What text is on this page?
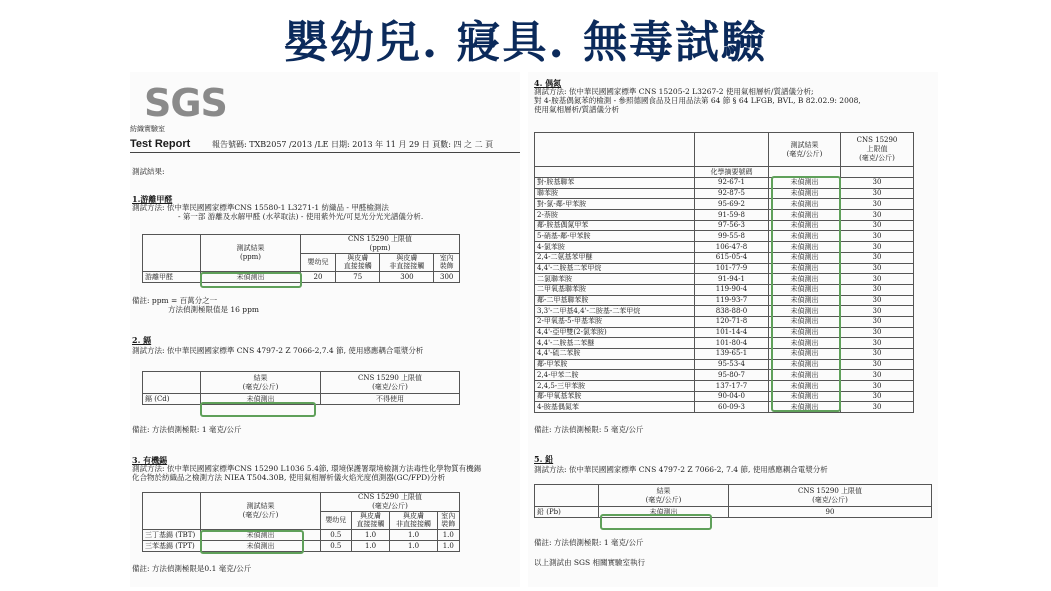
嬰幼兒. 寢具. 無毒試驗
SGS
紡織實驗室
Test Report	報告號碼: TXB2057 /2013 /LE 日期: 2013 年 11 月 29 日 頁數: 四 之 二 頁
測試結果:
1.游離甲醛
測試方法: 依中華民國國家標準CNS 15580-1 L3271-1 紡織品 - 甲醛檢測法
- 第一部 游離及水解甲醛 (水萃取法) - 使用紫外光/可見光分光光譜儀分析.
	測試結果
(ppm)	CNS 15290 上限值
(ppm)			
		嬰幼兒	與皮膚
直接接觸	與皮膚
非直接接觸	室內
裝飾
游離甲醛	未偵測出	20	75	300	300
備註: ppm = 百萬分之一
方法偵測極限值是 16 ppm
2. 鎘
測試方法: 依中華民國國家標準 CNS 4797-2 Z 7066-2,7.4 節, 使用感應耦合電漿分析
	結果
(毫克/公斤)	CNS 15290 上限值
(毫克/公斤)
鎘 (Cd)	未偵測出	不得使用
備註: 方法偵測極限: 1 毫克/公斤
3. 有機錫
測試方法: 依中華民國國家標準CNS 15290 L1036 5.4節, 環境保護署環境檢測方法毒性化學物質有機錫
化合物於紡織品之檢測方法 NIEA T504.30B, 使用氣相層析儀火焰光度偵測器(GC/FPD)分析
	測試結果
(毫克/公斤)	CNS 15290 上限值
(毫克/公斤)			
		嬰幼兒	與皮膚
直接接觸	與皮膚
非直接接觸	室內
裝飾
三丁基錫 (TBT)	未偵測出	0.5	1.0	1.0	1.0
三苯基錫 (TPT)	未偵測出	0.5	1.0	1.0	1.0
備註: 方法偵測極限是0.1 毫克/公斤
4. 偶氮
測試方法: 依中華民國國家標準 CNS 15205-2 L3267-2 使用氣相層析/質譜儀分析;
對 4-胺基偶氮苯的檢測 - 參照德國食品及日用品法第 64 節 § 64 LFGB, BVL, B 82.02.9: 2008,
使用氣相層析/質譜儀分析
		測試結果
(毫克/公斤)	CNS 15290
上限值
(毫克/公斤)

	化學摘要號碼		
對-胺基聯苯	92-67-1	未偵測出	30
聯苯胺	92-87-5	未偵測出	30
對-氯-鄰-甲苯胺	95-69-2	未偵測出	30
2-萘胺	91-59-8	未偵測出	30
鄰-胺基偶氮甲苯	97-56-3	未偵測出	30
5-硝基-鄰-甲苯胺	99-55-8	未偵測出	30
4-氯苯胺	106-47-8	未偵測出	30
2,4-二氨基苯甲醚	615-05-4	未偵測出	30
4,4'-二胺基二苯甲烷	101-77-9	未偵測出	30
二氯聯苯胺	91-94-1	未偵測出	30
二甲氧基聯苯胺	119-90-4	未偵測出	30
鄰-二甲基聯苯胺	119-93-7	未偵測出	30
3,3'-二甲基4,4'-二胺基-二苯甲烷	838-88-0	未偵測出	30
2-甲氧基-5-甲基苯胺	120-71-8	未偵測出	30
4,4'-亞甲雙(2-氯苯胺)	101-14-4	未偵測出	30
4,4'-二胺基二苯醚	101-80-4	未偵測出	30
4,4'-硫二苯胺	139-65-1	未偵測出	30
鄰-甲苯胺	95-53-4	未偵測出	30
2,4-甲苯二胺	95-80-7	未偵測出	30
2,4,5-三甲苯胺	137-17-7	未偵測出	30
鄰-甲氧基苯胺	90-04-0	未偵測出	30
4-胺基偶氮苯	60-09-3	未偵測出	30
備註: 方法偵測極限: 5 毫克/公斤
5. 鉛
測試方法: 依中華民國國家標準 CNS 4797-2 Z 7066-2, 7.4 節, 使用感應耦合電漿分析
	結果
(毫克/公斤)	CNS 15290 上限值
(毫克/公斤)
鉛 (Pb)	未偵測出	90
備註: 方法偵測極限: 1 毫克/公斤
以上測試由 SGS 相關實驗室執行
